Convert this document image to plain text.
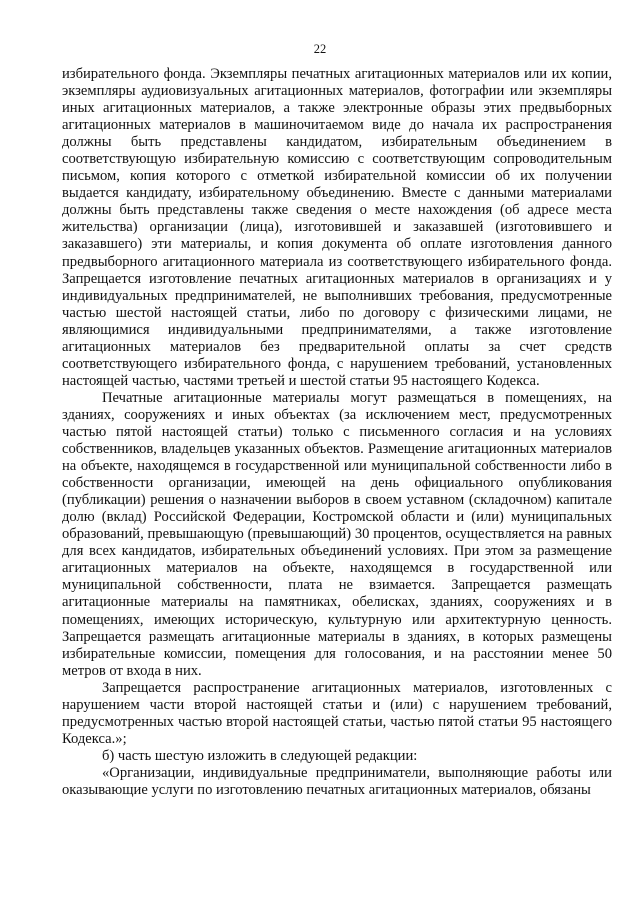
22

избирательного фонда. Экземпляры печатных агитационных материалов или их копии, экземпляры аудиовизуальных агитационных материалов, фотографии или экземпляры иных агитационных материалов, а также электронные образы этих предвыборных агитационных материалов в машиночитаемом виде до начала их распространения должны быть представлены кандидатом, избирательным объединением в соответствующую избирательную комиссию с соответствующим сопроводительным письмом, копия которого с отметкой избирательной комиссии об их получении выдается кандидату, избирательному объединению. Вместе с данными материалами должны быть представлены также сведения о месте нахождения (об адресе места жительства) организации (лица), изготовившей и заказавшей (изготовившего и заказавшего) эти материалы, и копия документа об оплате изготовления данного предвыборного агитационного материала из соответствующего избирательного фонда. Запрещается изготовление печатных агитационных материалов в организациях и у индивидуальных предпринимателей, не выполнивших требования, предусмотренные частью шестой настоящей статьи, либо по договору с физическими лицами, не являющимися индивидуальными предпринимателями, а также изготовление агитационных материалов без предварительной оплаты за счет средств соответствующего избирательного фонда, с нарушением требований, установленных настоящей частью, частями третьей и шестой статьи 95 настоящего Кодекса.

Печатные агитационные материалы могут размещаться в помещениях, на зданиях, сооружениях и иных объектах (за исключением мест, предусмотренных частью пятой настоящей статьи) только с письменного согласия и на условиях собственников, владельцев указанных объектов. Размещение агитационных материалов на объекте, находящемся в государственной или муниципальной собственности либо в собственности организации, имеющей на день официального опубликования (публикации) решения о назначении выборов в своем уставном (складочном) капитале долю (вклад) Российской Федерации, Костромской области и (или) муниципальных образований, превышающую (превышающий) 30 процентов, осуществляется на равных для всех кандидатов, избирательных объединений условиях. При этом за размещение агитационных материалов на объекте, находящемся в государственной или муниципальной собственности, плата не взимается. Запрещается размещать агитационные материалы на памятниках, обелисках, зданиях, сооружениях и в помещениях, имеющих историческую, культурную или архитектурную ценность. Запрещается размещать агитационные материалы в зданиях, в которых размещены избирательные комиссии, помещения для голосования, и на расстоянии менее 50 метров от входа в них.

Запрещается распространение агитационных материалов, изготовленных с нарушением части второй настоящей статьи и (или) с нарушением требований, предусмотренных частью второй настоящей статьи, частью пятой статьи 95 настоящего Кодекса.»;

б) часть шестую изложить в следующей редакции:

«Организации, индивидуальные предприниматели, выполняющие работы или оказывающие услуги по изготовлению печатных агитационных материалов, обязаны
